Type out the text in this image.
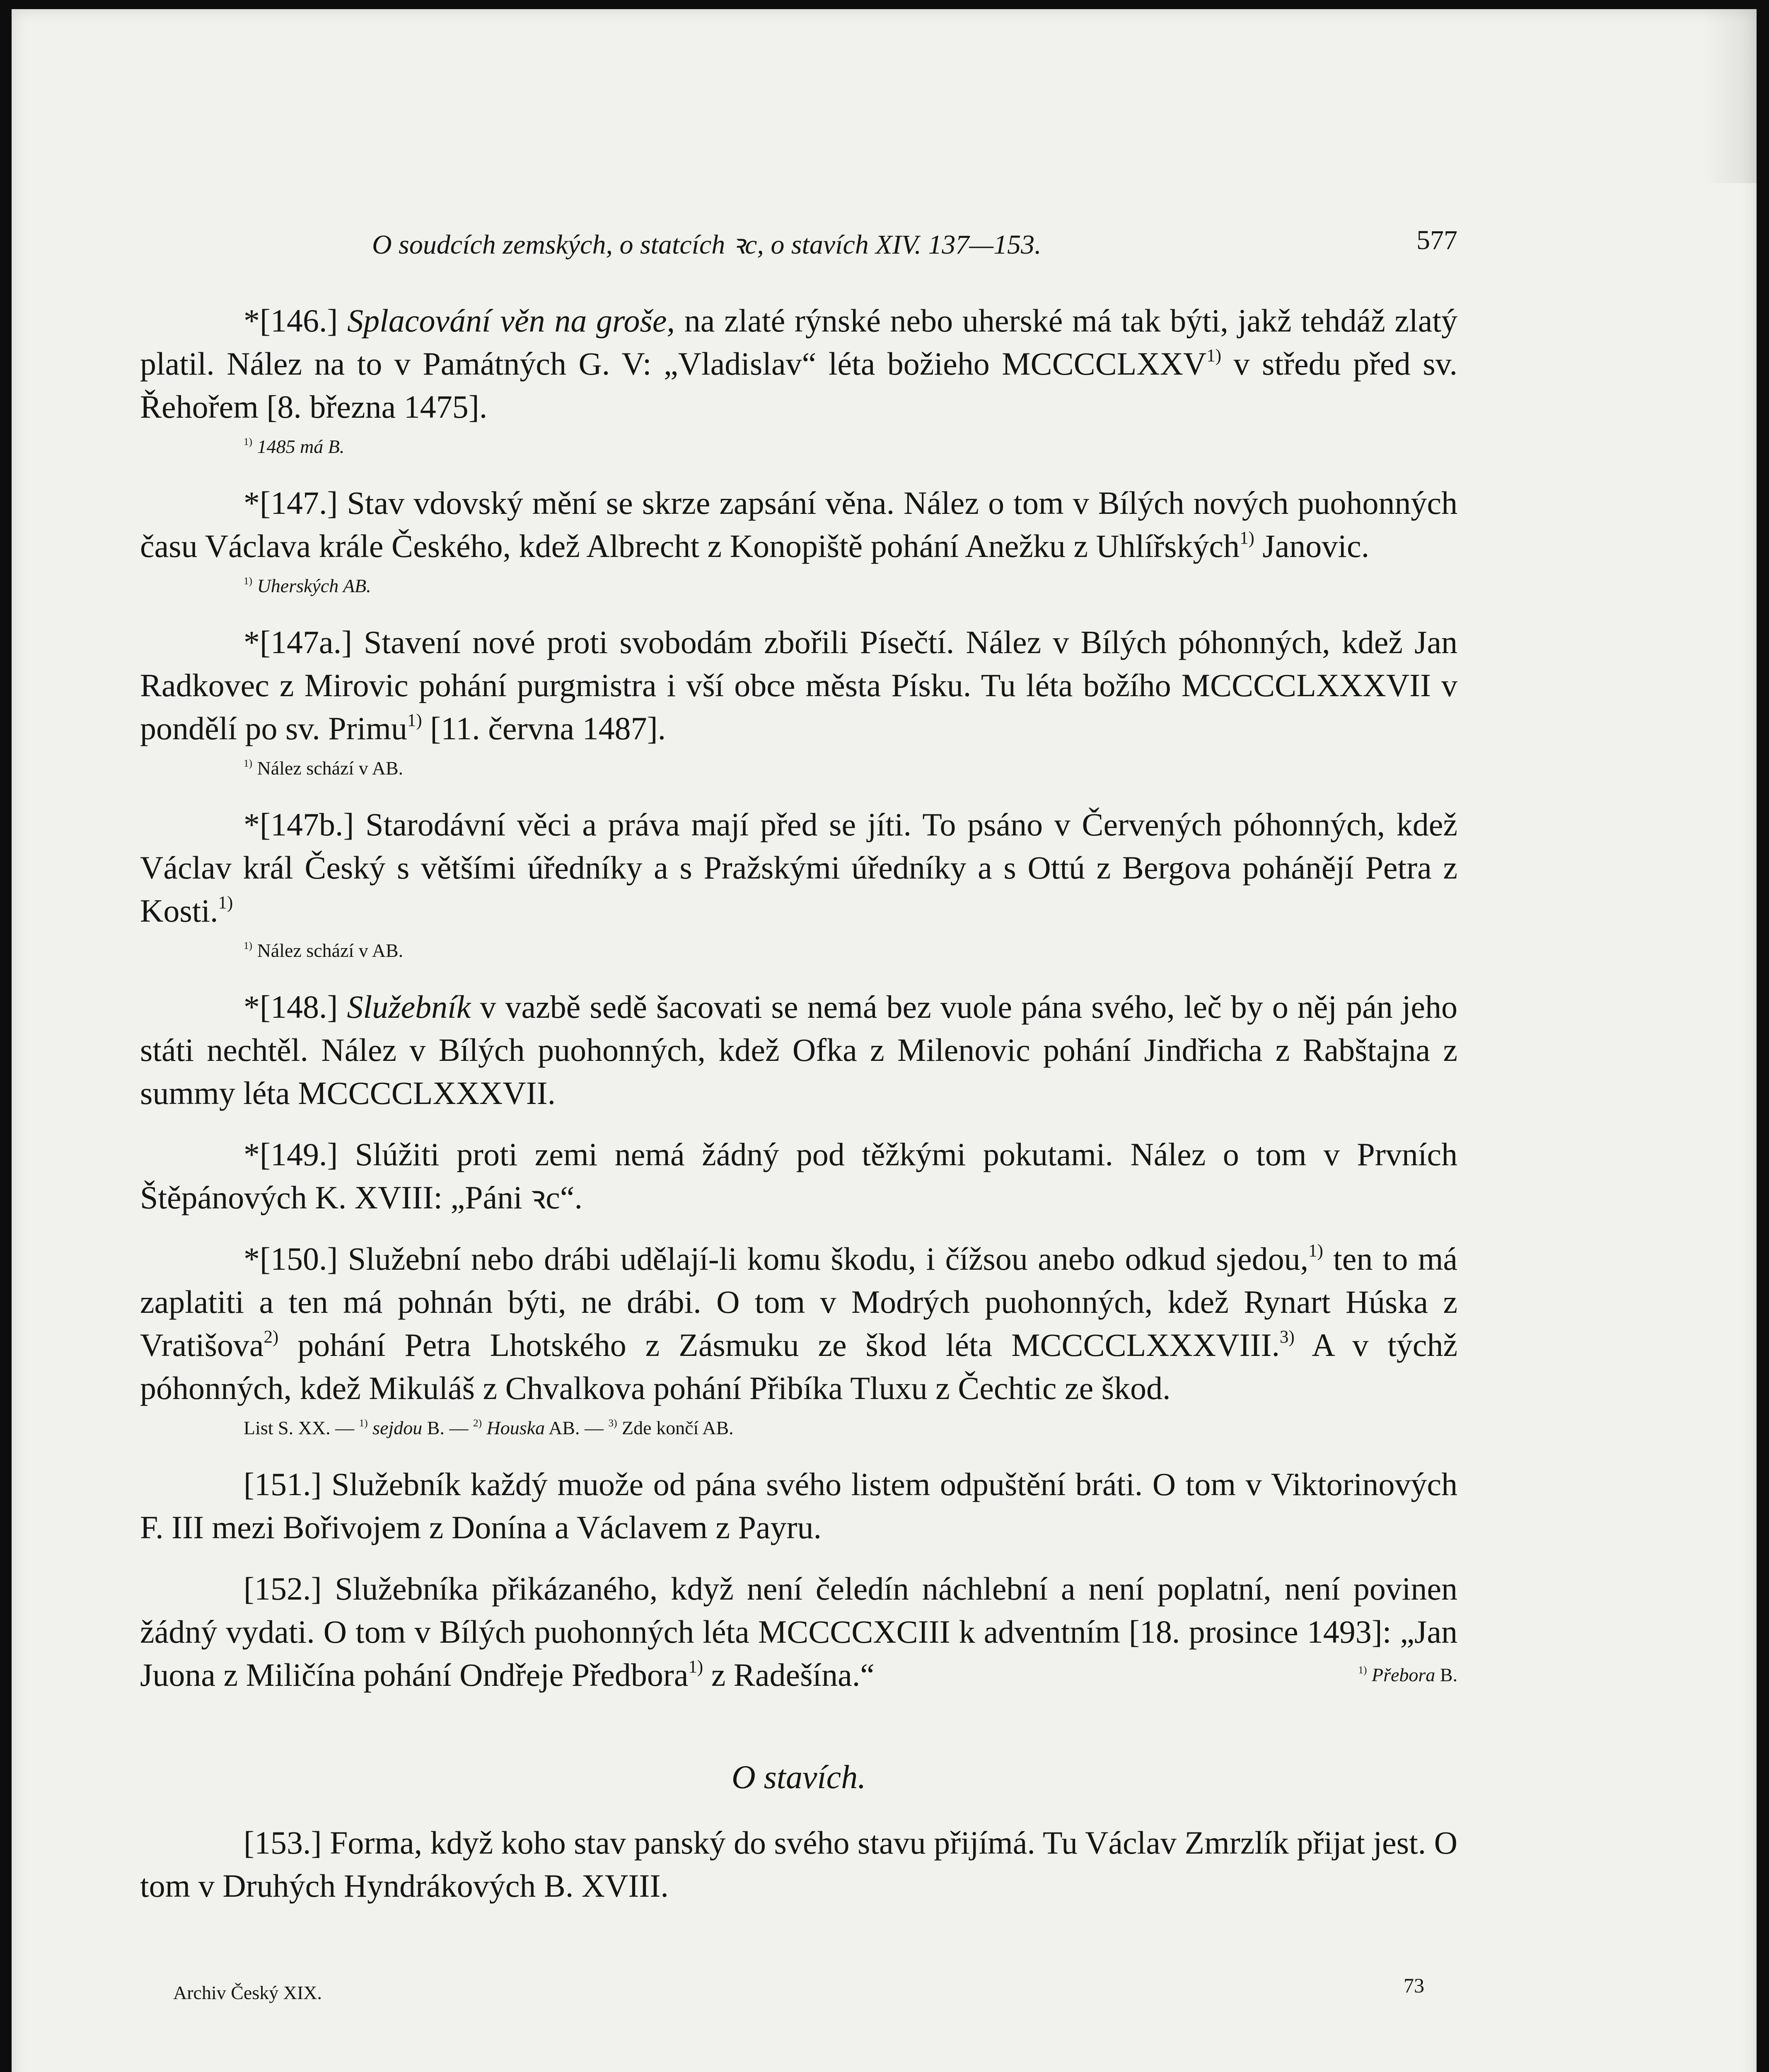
O soudcích zemských, o statcích ꝛc, o stavích XIV. 137—153.	577

*[146.] Splacování věn na groše, na zlaté rýnské nebo uherské má tak býti, jakž tehdáž zlatý platil. Nález na to v Památných G. V: „Vladislav“ léta božieho MCCCCLXXV$^{1)}$ v středu před sv. Řehořem [8. března 1475].

$^{1)}$ 1485 má B.

*[147.] Stav vdovský mění se skrze zapsání věna. Nález o tom v Bílých nových puohonných času Václava krále Českého, kdež Albrecht z Konopiště pohání Anežku z Uhlířských$^{1)}$ Janovic.

$^{1)}$ Uherských AB.

*[147a.] Stavení nové proti svobodám zbořili Písečtí. Nález v Bílých póhonných, kdež Jan Radkovec z Mirovic pohání purgmistra i vší obce města Písku. Tu léta božího MCCCCLXXXVII v pondělí po sv. Primu$^{1)}$ [11. června 1487].

$^{1)}$ Nález schází v AB.

*[147b.] Starodávní věci a práva mají před se jíti. To psáno v Červených póhonných, kdež Václav král Český s většími úředníky a s Pražskými úředníky a s Ottú z Bergova pohánějí Petra z Kosti.$^{1)}$

$^{1)}$ Nález schází v AB.

*[148.] Služebník v vazbě sedě šacovati se nemá bez vuole pána svého, leč by o něj pán jeho státi nechtěl. Nález v Bílých puohonných, kdež Ofka z Milenovic pohání Jindřicha z Rabštajna z summy léta MCCCCLXXXVII.

*[149.] Slúžiti proti zemi nemá žádný pod těžkými pokutami. Nález o tom v Prvních Štěpánových K. XVIII: „Páni ꝛc“.

*[150.] Služební nebo drábi udělají-li komu škodu, i čížsou anebo odkud sjedou,$^{1)}$ ten to má zaplatiti a ten má pohnán býti, ne drábi. O tom v Modrých puohonných, kdež Rynart Húska z Vratišova$^{2)}$ pohání Petra Lhotského z Zásmuku ze škod léta MCCCCLXXXVIII.$^{3)}$ A v týchž póhonných, kdež Mikuláš z Chvalkova pohání Přibíka Tluxu z Čechtic ze škod.

List S. XX. — $^{1)}$ sejdou B. — $^{2)}$ Houska AB. — $^{3)}$ Zde končí AB.

[151.] Služebník každý muože od pána svého listem odpuštění bráti. O tom v Viktorinových F. III mezi Bořivojem z Donína a Václavem z Payru.

[152.] Služebníka přikázaného, když není čeledín náchlební a není poplatní, není povinen žádný vydati. O tom v Bílých puohonných léta MCCCCXCIII k adventním [18. prosince 1493]: „Jan Juona z Miličína pohání Ondřeje Předbora$^{1)}$ z Radešína.“	$^{1)}$ Přebora B.

O stavích.

[153.] Forma, když koho stav panský do svého stavu přijímá. Tu Václav Zmrzlík přijat jest. O tom v Druhých Hyndrákových B. XVIII.

Archiv Český XIX.	73
